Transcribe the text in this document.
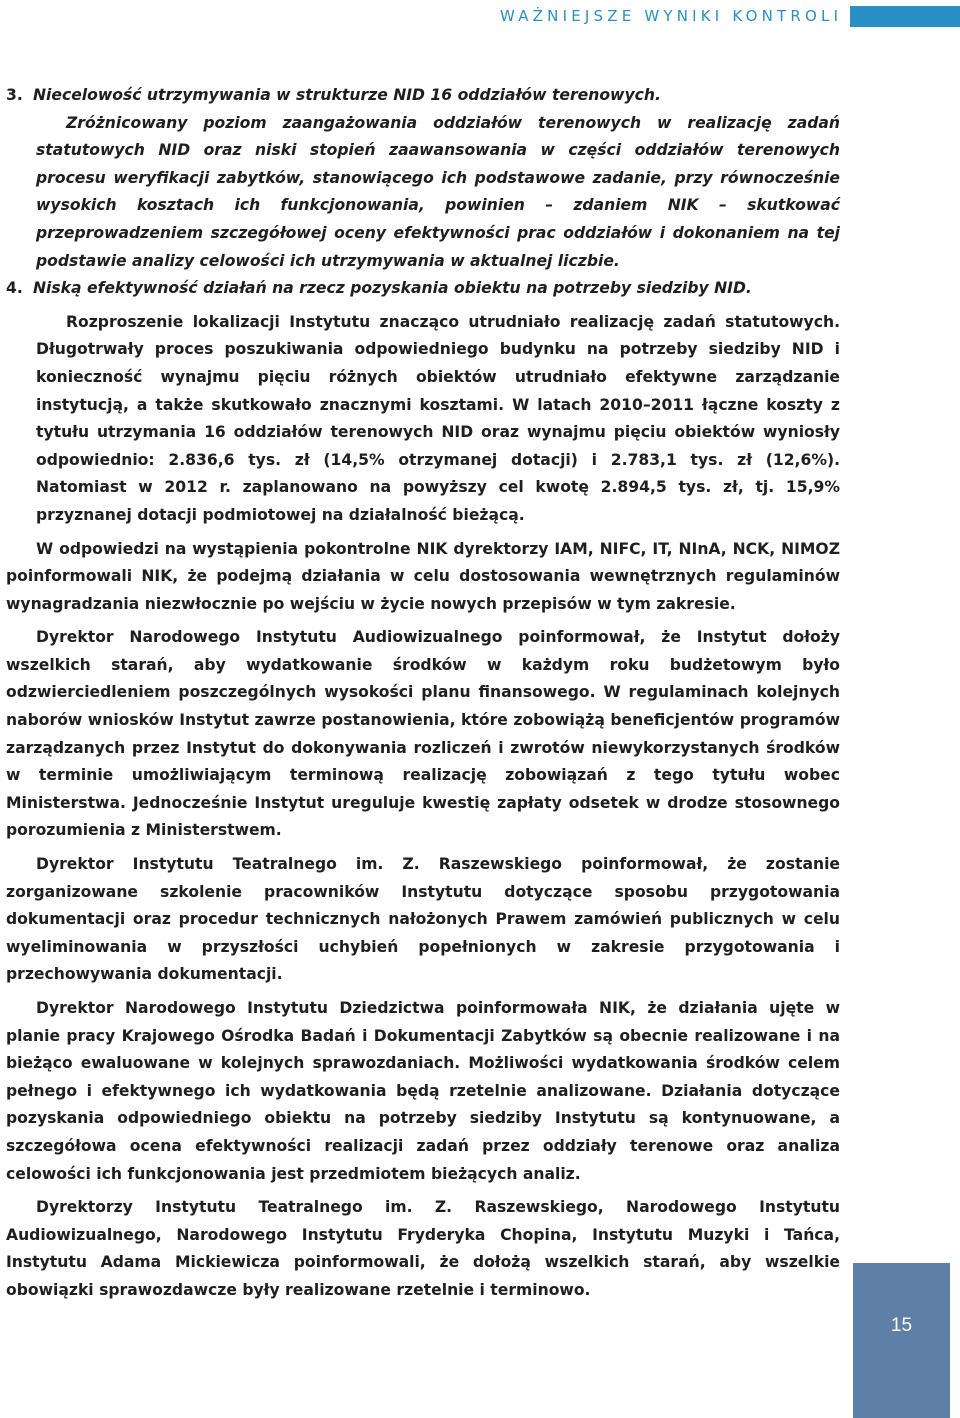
WAŻNIEJSZE WYNIKI KONTROLI

3. Niecelowość utrzymywania w strukturze NID 16 oddziałów terenowych.

Zróżnicowany poziom zaangażowania oddziałów terenowych w realizację zadań statutowych NID oraz niski stopień zaawansowania w części oddziałów terenowych procesu weryfikacji zabytków, stanowiącego ich podstawowe zadanie, przy równocześnie wysokich kosztach ich funkcjonowania, powinien – zdaniem NIK – skutkować przeprowadzeniem szczegółowej oceny efektywności prac oddziałów i dokonaniem na tej podstawie analizy celowości ich utrzymywania w aktualnej liczbie.

4. Niską efektywność działań na rzecz pozyskania obiektu na potrzeby siedziby NID.

Rozproszenie lokalizacji Instytutu znacząco utrudniało realizację zadań statutowych. Długotrwały proces poszukiwania odpowiedniego budynku na potrzeby siedziby NID i konieczność wynajmu pięciu różnych obiektów utrudniało efektywne zarządzanie instytucją, a także skutkowało znacznymi kosztami. W latach 2010–2011 łączne koszty z tytułu utrzymania 16 oddziałów terenowych NID oraz wynajmu pięciu obiektów wyniosły odpowiednio: 2.836,6 tys. zł (14,5% otrzymanej dotacji) i 2.783,1 tys. zł (12,6%). Natomiast w 2012 r. zaplanowano na powyższy cel kwotę 2.894,5 tys. zł, tj. 15,9% przyznanej dotacji podmiotowej na działalność bieżącą.

W odpowiedzi na wystąpienia pokontrolne NIK dyrektorzy IAM, NIFC, IT, NInA, NCK, NIMOZ poinformowali NIK, że podejmą działania w celu dostosowania wewnętrznych regulaminów wynagradzania niezwłocznie po wejściu w życie nowych przepisów w tym zakresie.

Dyrektor Narodowego Instytutu Audiowizualnego poinformował, że Instytut dołoży wszelkich starań, aby wydatkowanie środków w każdym roku budżetowym było odzwierciedleniem poszczególnych wysokości planu finansowego. W regulaminach kolejnych naborów wniosków Instytut zawrze postanowienia, które zobowiążą beneficjentów programów zarządzanych przez Instytut do dokonywania rozliczeń i zwrotów niewykorzystanych środków w terminie umożliwiającym terminową realizację zobowiązań z tego tytułu wobec Ministerstwa. Jednocześnie Instytut ureguluje kwestię zapłaty odsetek w drodze stosownego porozumienia z Ministerstwem.

Dyrektor Instytutu Teatralnego im. Z. Raszewskiego poinformował, że zostanie zorganizowane szkolenie pracowników Instytutu dotyczące sposobu przygotowania dokumentacji oraz procedur technicznych nałożonych Prawem zamówień publicznych w celu wyeliminowania w przyszłości uchybień popełnionych w zakresie przygotowania i przechowywania dokumentacji.

Dyrektor Narodowego Instytutu Dziedzictwa poinformowała NIK, że działania ujęte w planie pracy Krajowego Ośrodka Badań i Dokumentacji Zabytków są obecnie realizowane i na bieżąco ewaluowane w kolejnych sprawozdaniach. Możliwości wydatkowania środków celem pełnego i efektywnego ich wydatkowania będą rzetelnie analizowane. Działania dotyczące pozyskania odpowiedniego obiektu na potrzeby siedziby Instytutu są kontynuowane, a szczegółowa ocena efektywności realizacji zadań przez oddziały terenowe oraz analiza celowości ich funkcjonowania jest przedmiotem bieżących analiz.

Dyrektorzy Instytutu Teatralnego im. Z. Raszewskiego, Narodowego Instytutu Audiowizualnego, Narodowego Instytutu Fryderyka Chopina, Instytutu Muzyki i Tańca, Instytutu Adama Mickiewicza poinformowali, że dołożą wszelkich starań, aby wszelkie obowiązki sprawozdawcze były realizowane rzetelnie i terminowo.

15
